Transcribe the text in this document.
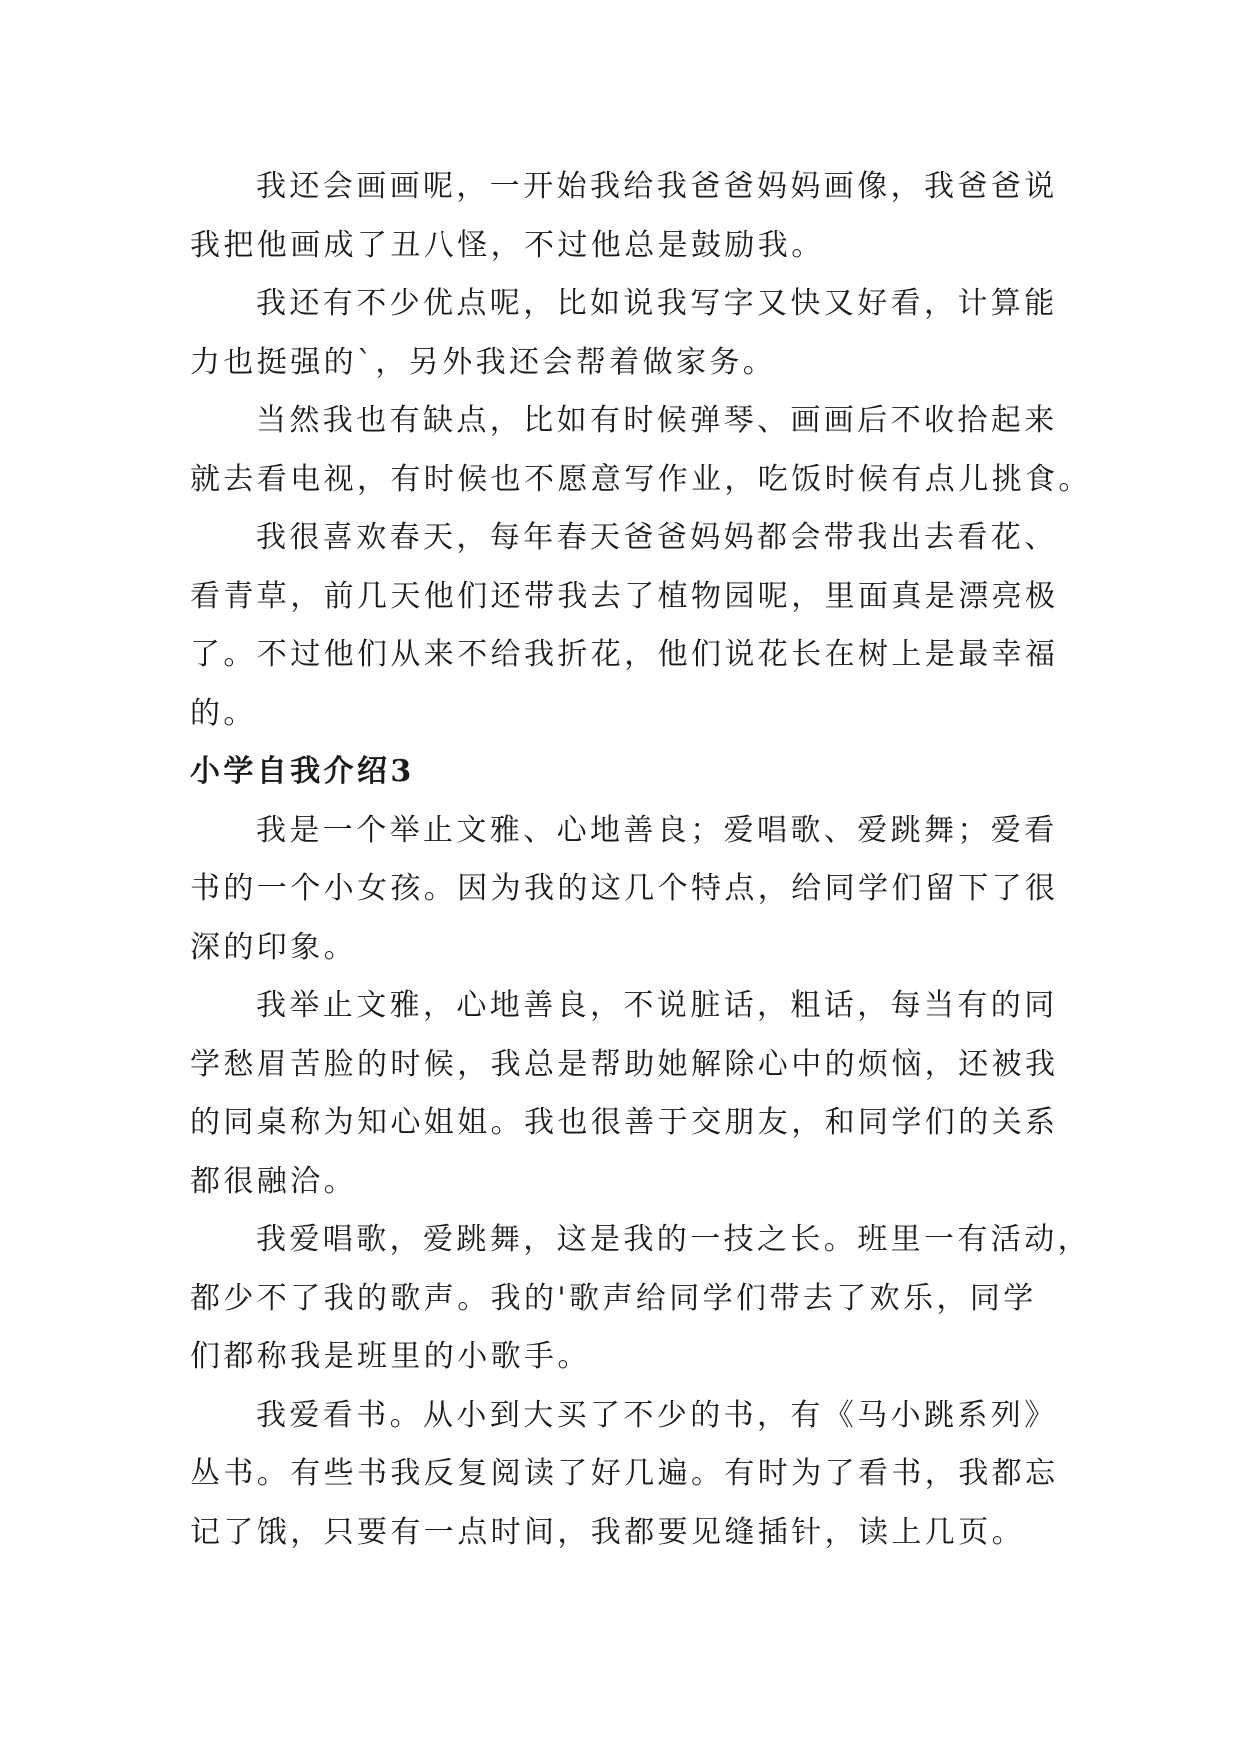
我还会画画呢，一开始我给我爸爸妈妈画像，我爸爸说
我把他画成了丑八怪，不过他总是鼓励我。

我还有不少优点呢，比如说我写字又快又好看，计算能
力也挺强的`，另外我还会帮着做家务。

当然我也有缺点，比如有时候弹琴、画画后不收拾起来
就去看电视，有时候也不愿意写作业，吃饭时候有点儿挑食。

我很喜欢春天，每年春天爸爸妈妈都会带我出去看花、
看青草，前几天他们还带我去了植物园呢，里面真是漂亮极
了。不过他们从来不给我折花，他们说花长在树上是最幸福
的。

小学自我介绍3

我是一个举止文雅、心地善良；爱唱歌、爱跳舞；爱看
书的一个小女孩。因为我的这几个特点，给同学们留下了很
深的印象。

我举止文雅，心地善良，不说脏话，粗话，每当有的同
学愁眉苦脸的时候，我总是帮助她解除心中的烦恼，还被我
的同桌称为知心姐姐。我也很善于交朋友，和同学们的关系
都很融洽。

我爱唱歌，爱跳舞，这是我的一技之长。班里一有活动，
都少不了我的歌声。我的'歌声给同学们带去了欢乐，同学
们都称我是班里的小歌手。

我爱看书。从小到大买了不少的书，有《马小跳系列》
丛书。有些书我反复阅读了好几遍。有时为了看书，我都忘
记了饿，只要有一点时间，我都要见缝插针，读上几页。
